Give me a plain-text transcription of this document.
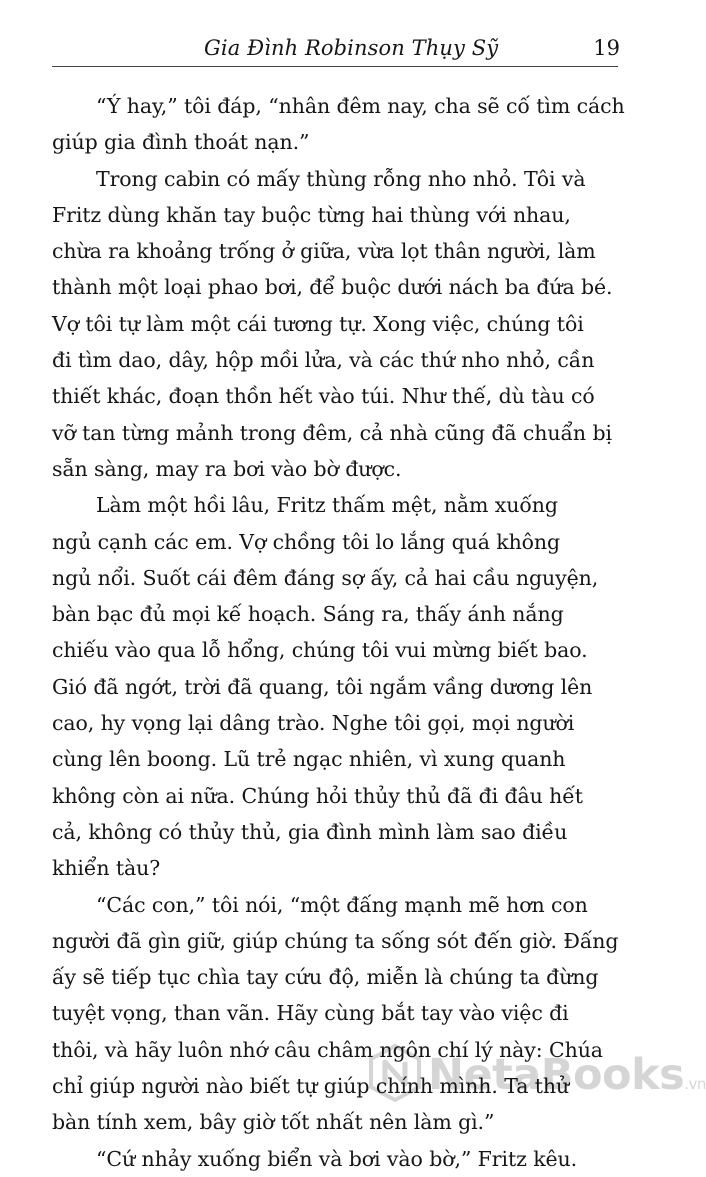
Gia Đình Robinson Thụy Sỹ	19
“Ý hay,” tôi đáp, “nhân đêm nay, cha sẽ cố tìm cách
giúp gia đình thoát nạn.”
Trong cabin có mấy thùng rỗng nho nhỏ. Tôi và
Fritz dùng khăn tay buộc từng hai thùng với nhau,
chừa ra khoảng trống ở giữa, vừa lọt thân người, làm
thành một loại phao bơi, để buộc dưới nách ba đứa bé.
Vợ tôi tự làm một cái tương tự. Xong việc, chúng tôi
đi tìm dao, dây, hộp mồi lửa, và các thứ nho nhỏ, cần
thiết khác, đoạn thồn hết vào túi. Như thế, dù tàu có
vỡ tan từng mảnh trong đêm, cả nhà cũng đã chuẩn bị
sẵn sàng, may ra bơi vào bờ được.
Làm một hồi lâu, Fritz thấm mệt, nằm xuống
ngủ cạnh các em. Vợ chồng tôi lo lắng quá không
ngủ nổi. Suốt cái đêm đáng sợ ấy, cả hai cầu nguyện,
bàn bạc đủ mọi kế hoạch. Sáng ra, thấy ánh nắng
chiếu vào qua lỗ hổng, chúng tôi vui mừng biết bao.
Gió đã ngớt, trời đã quang, tôi ngắm vầng dương lên
cao, hy vọng lại dâng trào. Nghe tôi gọi, mọi người
cùng lên boong. Lũ trẻ ngạc nhiên, vì xung quanh
không còn ai nữa. Chúng hỏi thủy thủ đã đi đâu hết
cả, không có thủy thủ, gia đình mình làm sao điều
khiển tàu?
“Các con,” tôi nói, “một đấng mạnh mẽ hơn con
người đã gìn giữ, giúp chúng ta sống sót đến giờ. Đấng
ấy sẽ tiếp tục chìa tay cứu độ, miễn là chúng ta đừng
tuyệt vọng, than vãn. Hãy cùng bắt tay vào việc đi
thôi, và hãy luôn nhớ câu châm ngôn chí lý này: Chúa
chỉ giúp người nào biết tự giúp chính mình. Ta thử
bàn tính xem, bây giờ tốt nhất nên làm gì.”
“Cứ nhảy xuống biển và bơi vào bờ,” Fritz kêu.
NetaBooks.vn
